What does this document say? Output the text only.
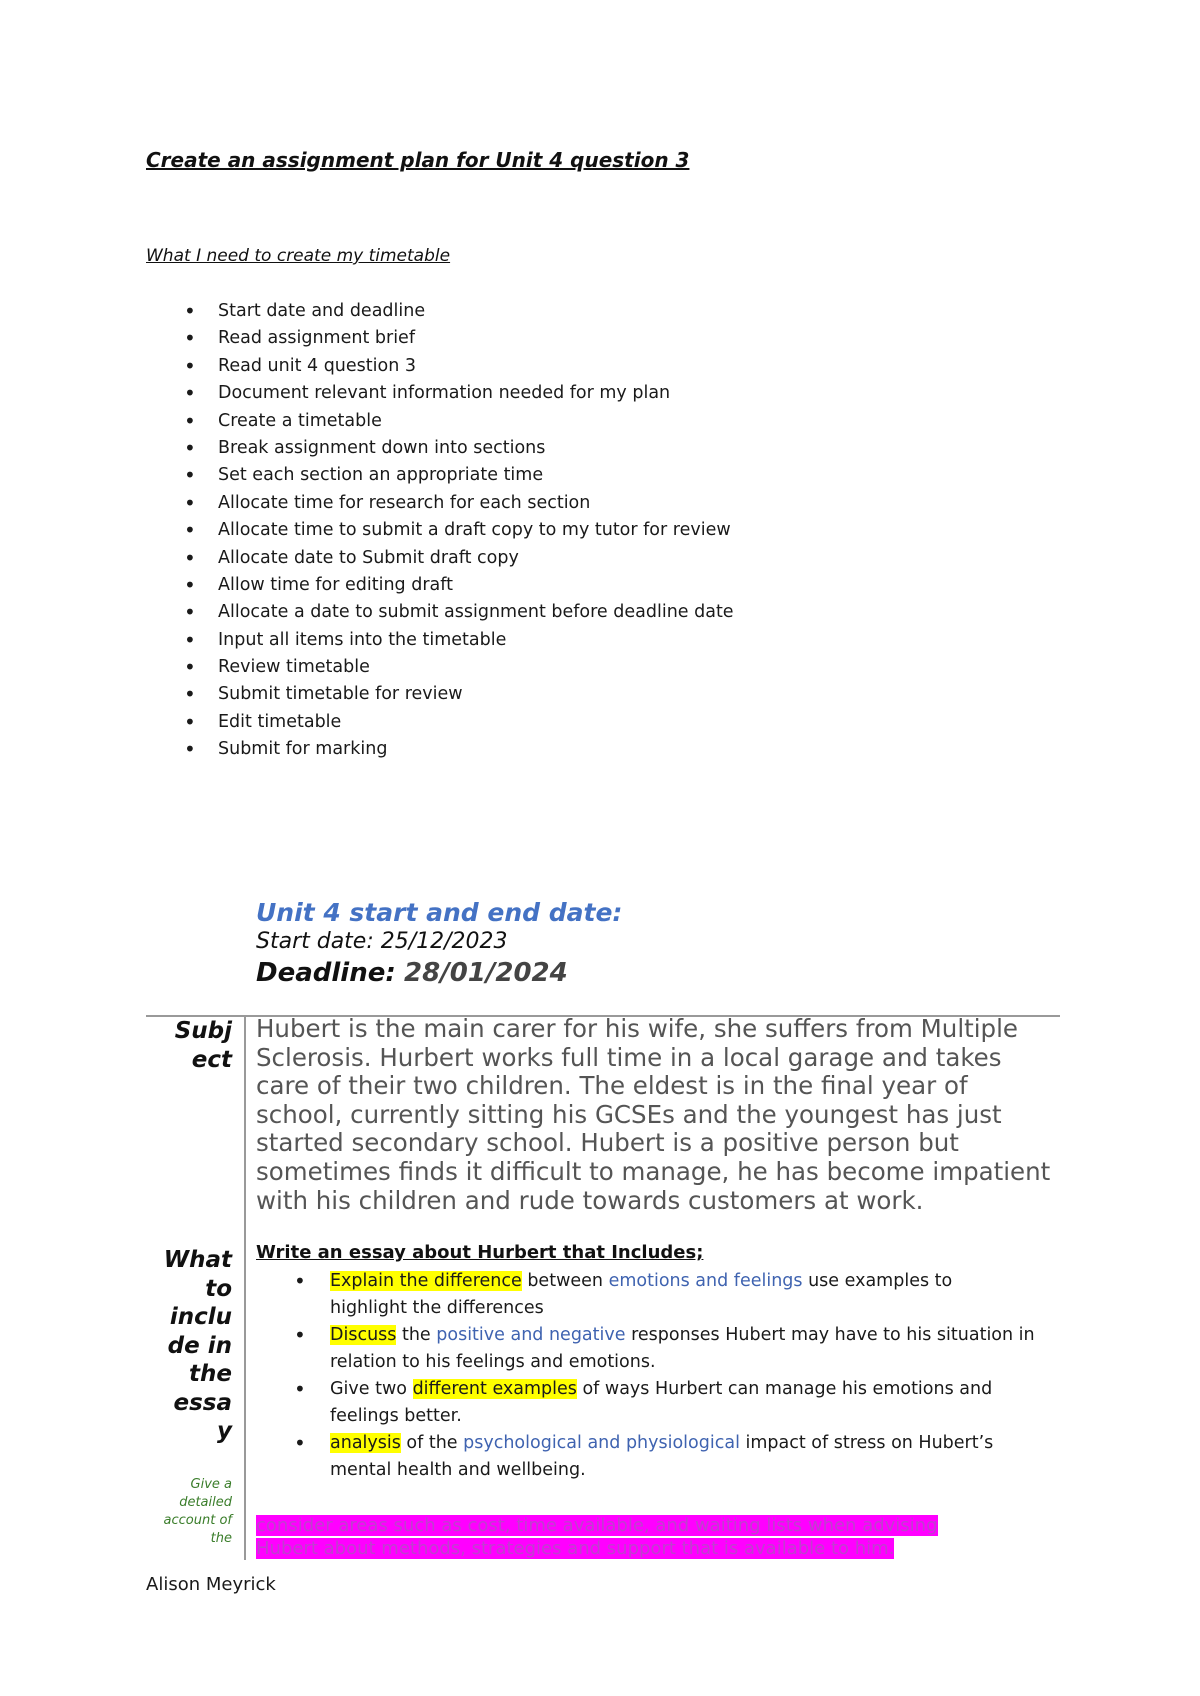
Create an assignment plan for Unit 4 question 3
What I need to create my timetable
• Start date and deadline
• Read assignment brief
• Read unit 4 question 3
• Document relevant information needed for my plan
• Create a timetable
• Break assignment down into sections
• Set each section an appropriate time
• Allocate time for research for each section
• Allocate time to submit a draft copy to my tutor for review
• Allocate date to Submit draft copy
• Allow time for editing draft
• Allocate a date to submit assignment before deadline date
• Input all items into the timetable
• Review timetable
• Submit timetable for review
• Edit timetable
• Submit for marking
Unit 4 start and end date:
Start date: 25/12/2023
Deadline: 28/01/2024
Subj
ect
Hubert is the main carer for his wife, she suffers from Multiple
Sclerosis. Hurbert works full time in a local garage and takes
care of their two children. The eldest is in the final year of
school, currently sitting his GCSEs and the youngest has just
started secondary school. Hubert is a positive person but
sometimes finds it difficult to manage, he has become impatient
with his children and rude towards customers at work.
What
to
inclu
de in
the
essa
y
Give a
detailed
account of
the
Write an essay about Hurbert that Includes;
• Explain the difference between emotions and feelings use examples to
highlight the differences
• Discuss the positive and negative responses Hubert may have to his situation in
relation to his feelings and emotions.
• Give two different examples of ways Hurbert can manage his emotions and
feelings better.
• analysis of the psychological and physiological impact of stress on Hubert’s
mental health and wellbeing.
consider areas such as cost, time available, and waiting lists when advising
Hubert about methods, strategies and support that is available to him.
Alison Meyrick
